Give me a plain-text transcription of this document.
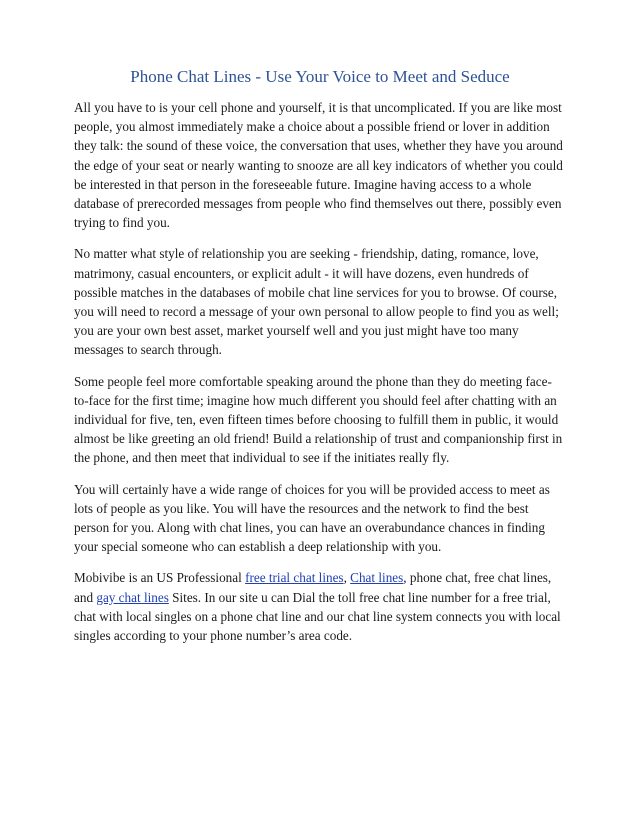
Phone Chat Lines - Use Your Voice to Meet and Seduce

All you have to is your cell phone and yourself, it is that uncomplicated. If you are like most people, you almost immediately make a choice about a possible friend or lover in addition they talk: the sound of these voice, the conversation that uses, whether they have you around the edge of your seat or nearly wanting to snooze are all key indicators of whether you could be interested in that person in the foreseeable future. Imagine having access to a whole database of prerecorded messages from people who find themselves out there, possibly even trying to find you.

No matter what style of relationship you are seeking - friendship, dating, romance, love, matrimony, casual encounters, or explicit adult - it will have dozens, even hundreds of possible matches in the databases of mobile chat line services for you to browse. Of course, you will need to record a message of your own personal to allow people to find you as well; you are your own best asset, market yourself well and you just might have too many messages to search through.

Some people feel more comfortable speaking around the phone than they do meeting face-to-face for the first time; imagine how much different you should feel after chatting with an individual for five, ten, even fifteen times before choosing to fulfill them in public, it would almost be like greeting an old friend! Build a relationship of trust and companionship first in the phone, and then meet that individual to see if the initiates really fly.

You will certainly have a wide range of choices for you will be provided access to meet as lots of people as you like. You will have the resources and the network to find the best person for you. Along with chat lines, you can have an overabundance chances in finding your special someone who can establish a deep relationship with you.

Mobivibe is an US Professional free trial chat lines, Chat lines, phone chat, free chat lines, and gay chat lines Sites. In our site u can Dial the toll free chat line number for a free trial, chat with local singles on a phone chat line and our chat line system connects you with local singles according to your phone number’s area code.
